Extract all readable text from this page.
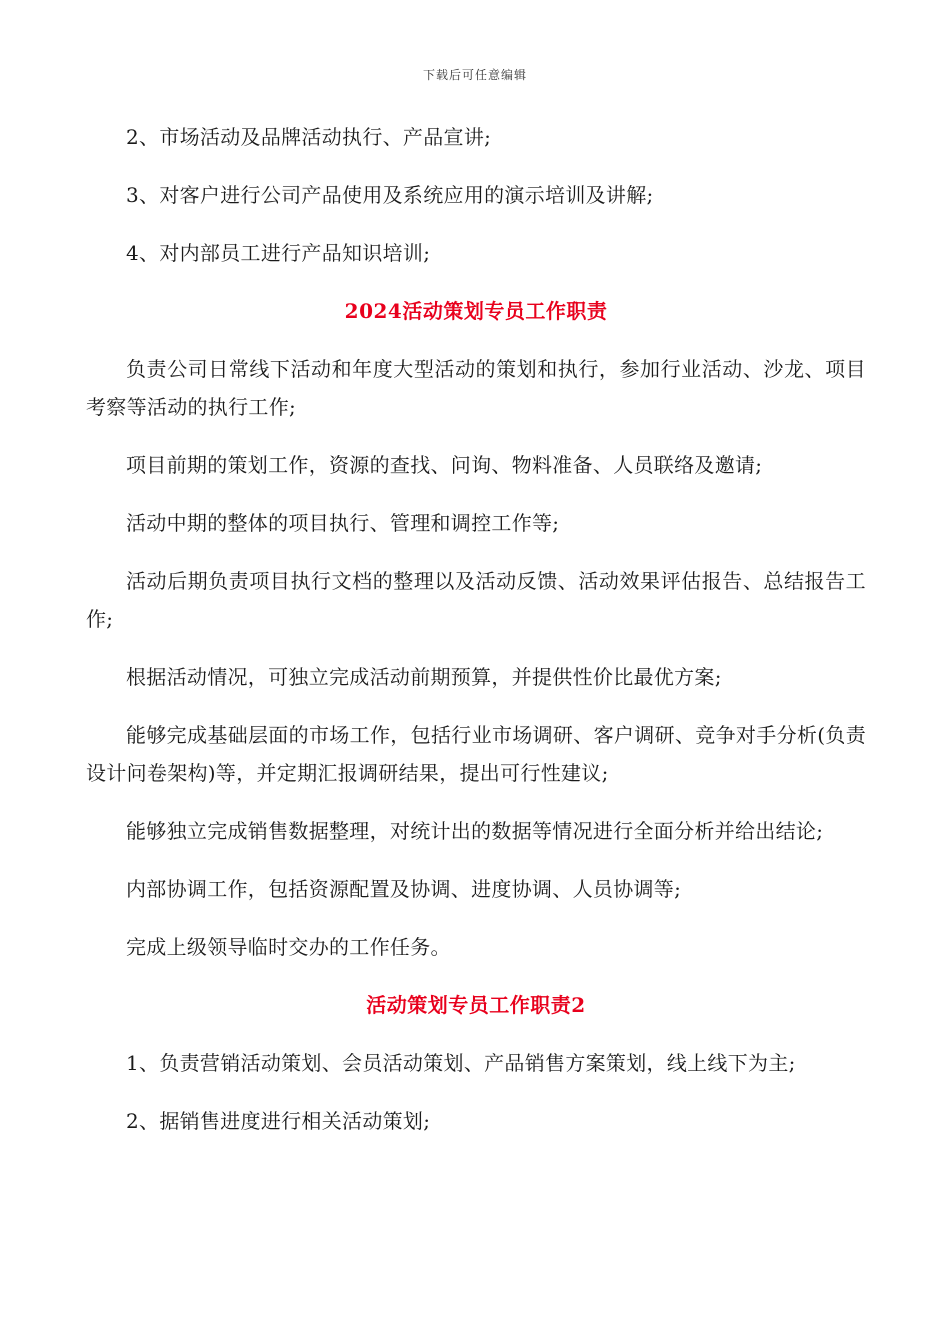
下载后可任意编辑

2、市场活动及品牌活动执行、产品宣讲;

3、对客户进行公司产品使用及系统应用的演示培训及讲解;

4、对内部员工进行产品知识培训;

2024活动策划专员工作职责

负责公司日常线下活动和年度大型活动的策划和执行，参加行业活动、沙龙、项目考察等活动的执行工作;

项目前期的策划工作，资源的查找、问询、物料准备、人员联络及邀请;

活动中期的整体的项目执行、管理和调控工作等;

活动后期负责项目执行文档的整理以及活动反馈、活动效果评估报告、总结报告工作;

根据活动情况，可独立完成活动前期预算，并提供性价比最优方案;

能够完成基础层面的市场工作，包括行业市场调研、客户调研、竞争对手分析(负责设计问卷架构)等，并定期汇报调研结果，提出可行性建议;

能够独立完成销售数据整理，对统计出的数据等情况进行全面分析并给出结论;

内部协调工作，包括资源配置及协调、进度协调、人员协调等;

完成上级领导临时交办的工作任务。

活动策划专员工作职责2

1、负责营销活动策划、会员活动策划、产品销售方案策划，线上线下为主;

2、据销售进度进行相关活动策划;
